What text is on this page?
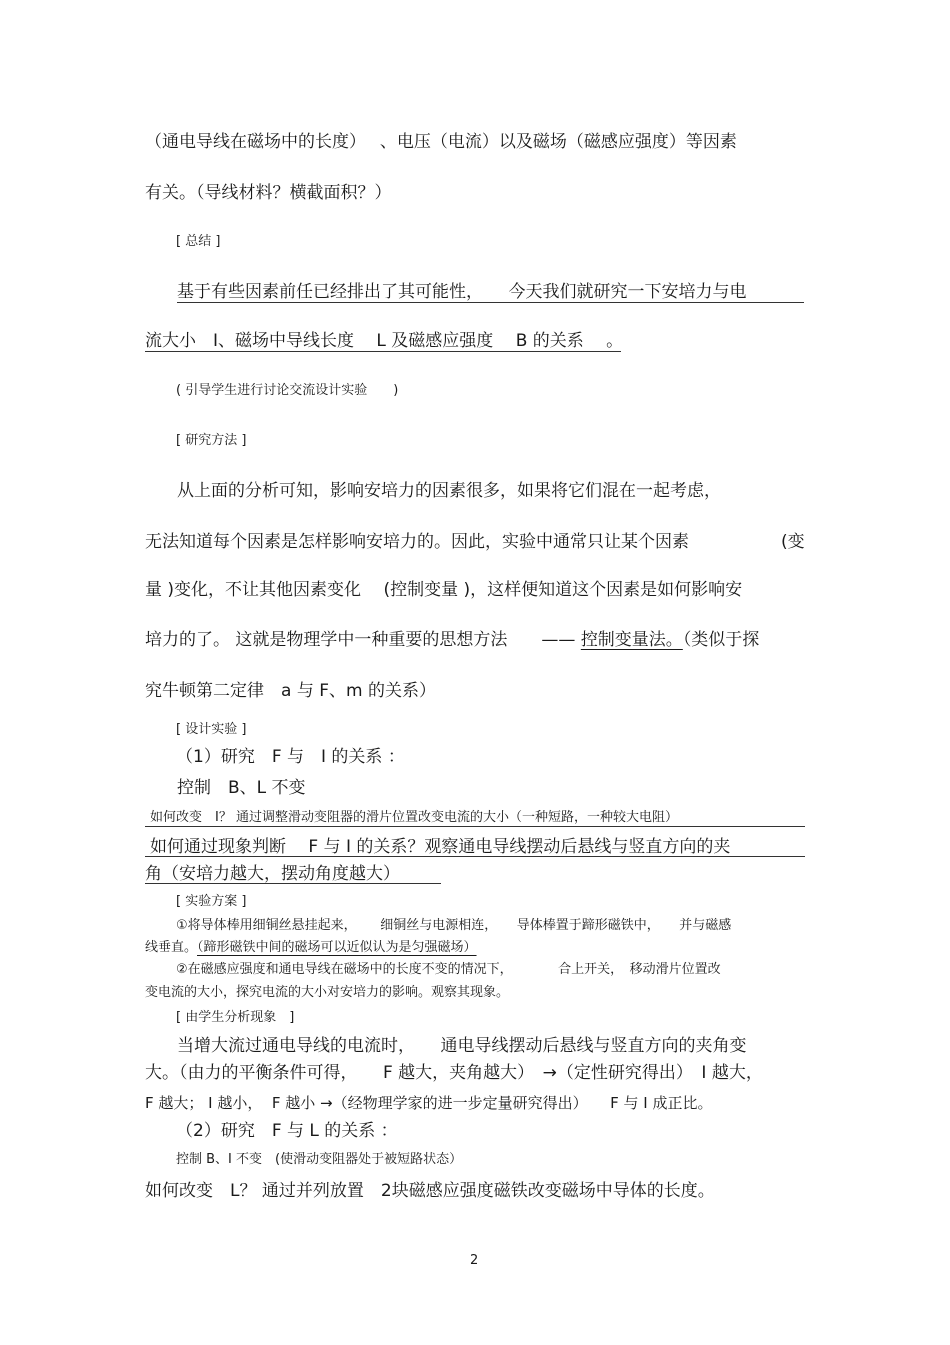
（通电导线在磁场中的长度）　 、电压（电流）以及磁场（磁感应强度）等因素
有关。（导线材料？横截面积？）
[ 总结 ]
基于有些因素前任已经排出了其可能性，　　今天我们就研究一下安培力与电
流大小　I、磁场中导线长度　 L 及磁感应强度　 B 的关系　 。
( 引导学生进行讨论交流设计实验　　)
[ 研究方法 ]
从上面的分析可知，影响安培力的因素很多，如果将它们混在一起考虑，
无法知道每个因素是怎样影响安培力的。因此，实验中通常只让某个因素	(变
量 )变化，不让其他因素变化　 (控制变量 )，这样便知道这个因素是如何影响安
培力的了。 这就是物理学中一种重要的思想方法　　—— 控制变量法。（类似于探
究牛顿第二定律　a 与 F、m 的关系）
[ 设计实验 ]
（1）研究　F 与　I 的关系 ：
控制　B、L 不变
如何改变　I？ 通过调整滑动变阻器的滑片位置改变电流的大小（一种短路，一种较大电阻）
如何通过现象判断　 F 与 I 的关系？观察通电导线摆动后悬线与竖直方向的夹
角（安培力越大，摆动角度越大）
[ 实验方案 ]
①将导体棒用细铜丝悬挂起来，　　 细铜丝与电源相连，　　导体棒置于蹄形磁铁中，　　并与磁感
线垂直。（蹄形磁铁中间的磁场可以近似认为是匀强磁场）
②在磁感应强度和通电导线在磁场中的长度不变的情况下，　　　　合上开关，　移动滑片位置改
变电流的大小，探究电流的大小对安培力的影响。观察其现象。
[ 由学生分析现象　]
当增大流过通电导线的电流时，　　通电导线摆动后悬线与竖直方向的夹角变
大。（由力的平衡条件可得，　　F 越大，夹角越大）　→（定性研究得出）　I 越大，
F 越大； I 越小，  F 越小 →（经物理学家的进一步定量研究得出）　　F 与 I 成正比。
（2）研究　F 与 L 的关系 ：
控制 B、I 不变　(使滑动变阻器处于被短路状态）
如何改变　L？ 通过并列放置　2块磁感应强度磁铁改变磁场中导体的长度。
2
